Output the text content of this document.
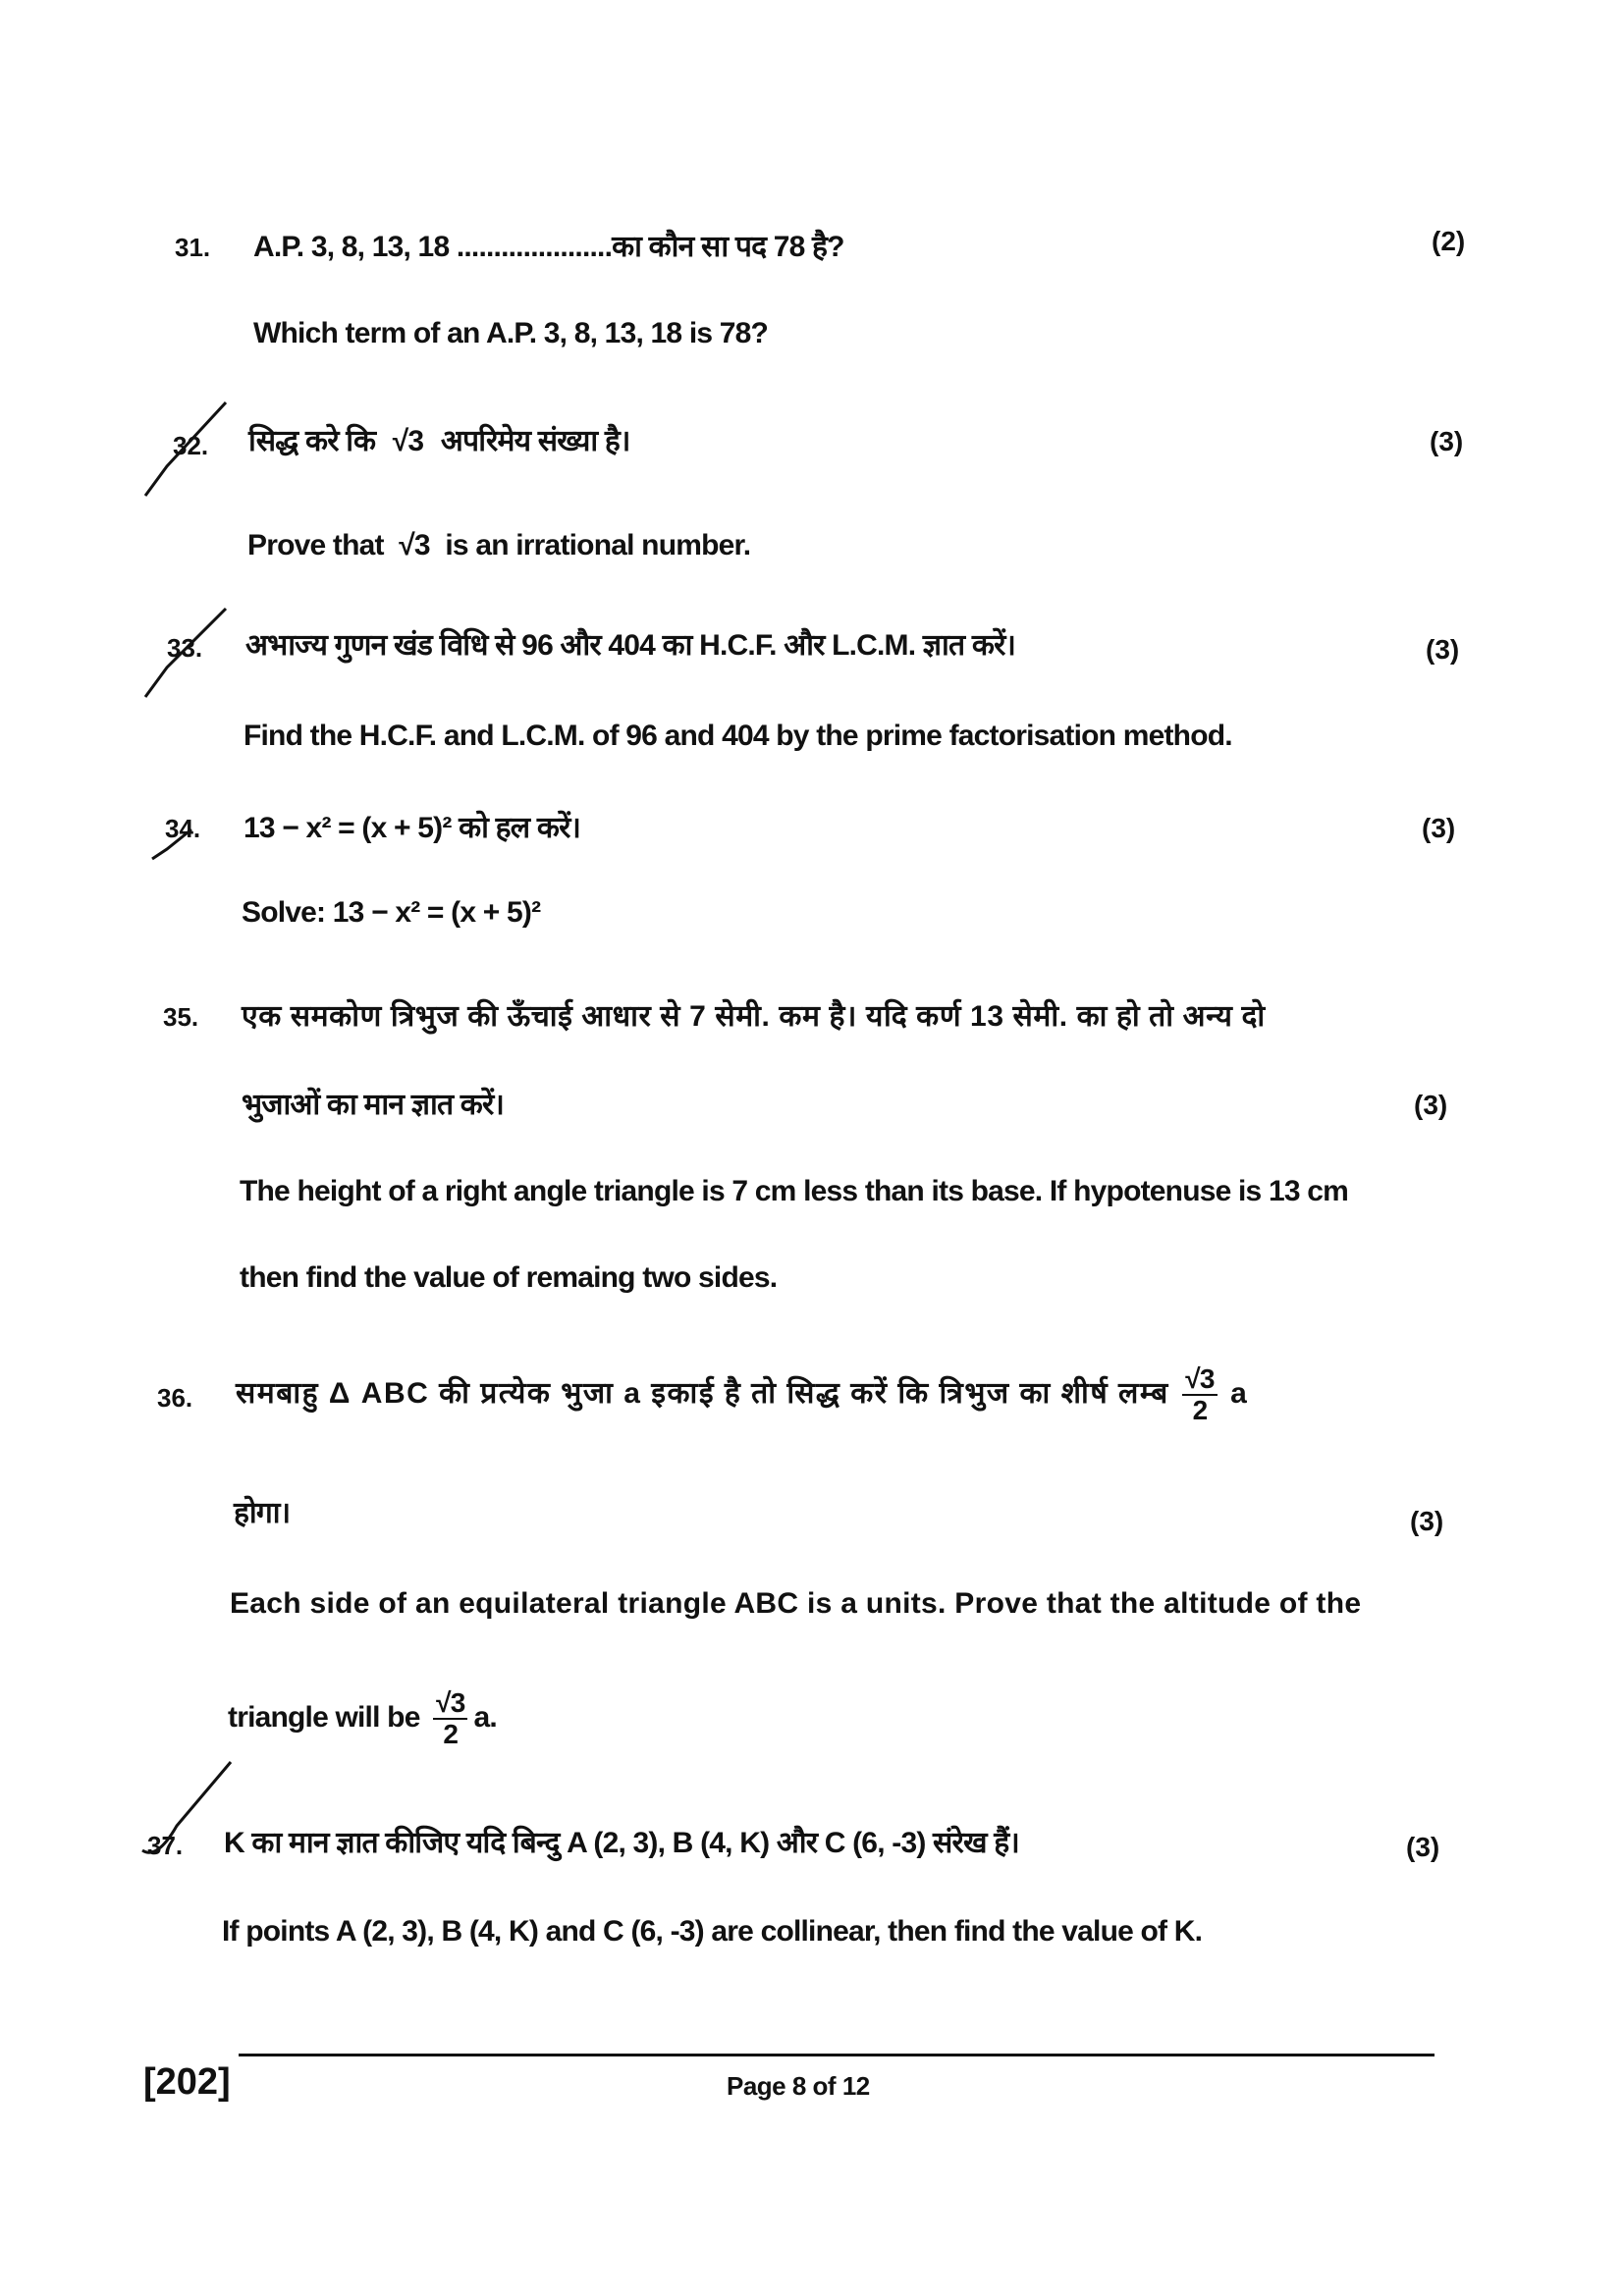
31. A.P. 3, 8, 13, 18 .....................का कौन सा पद 78 है?	(2)
Which term of an A.P. 3, 8, 13, 18 is 78?
32. सिद्ध करे कि √3 अपरिमेय संख्या है।	(3)
Prove that √3 is an irrational number.
33. अभाज्य गुणन खंड विधि से 96 और 404 का H.C.F. और L.C.M. ज्ञात करें।	(3)
Find the H.C.F. and L.C.M. of 96 and 404 by the prime factorisation method.
34. 13 − x² = (x + 5)² को हल करें।	(3)
Solve: 13 − x² = (x + 5)²
35. एक समकोण त्रिभुज की ऊँचाई आधार से 7 सेमी. कम है। यदि कर्ण 13 सेमी. का हो तो अन्य दो
भुजाओं का मान ज्ञात करें।	(3)
The height of a right angle triangle is 7 cm less than its base. If hypotenuse is 13 cm
then find the value of remaing two sides.
36. समबाहु Δ ABC की प्रत्येक भुजा a इकाई है तो सिद्ध करें कि त्रिभुज का शीर्ष लम्ब $\frac{√3}{2}$ a
होगा।	(3)
Each side of an equilateral triangle ABC is a units. Prove that the altitude of the
triangle will be $\frac{√3}{2} a$.
37. K का मान ज्ञात कीजिए यदि बिन्दु A (2, 3), B (4, K) और C (6, -3) संरेख हैं।	(3)
If points A (2, 3), B (4, K) and C (6, -3) are collinear, then find the value of K.
[202]	Page 8 of 12
